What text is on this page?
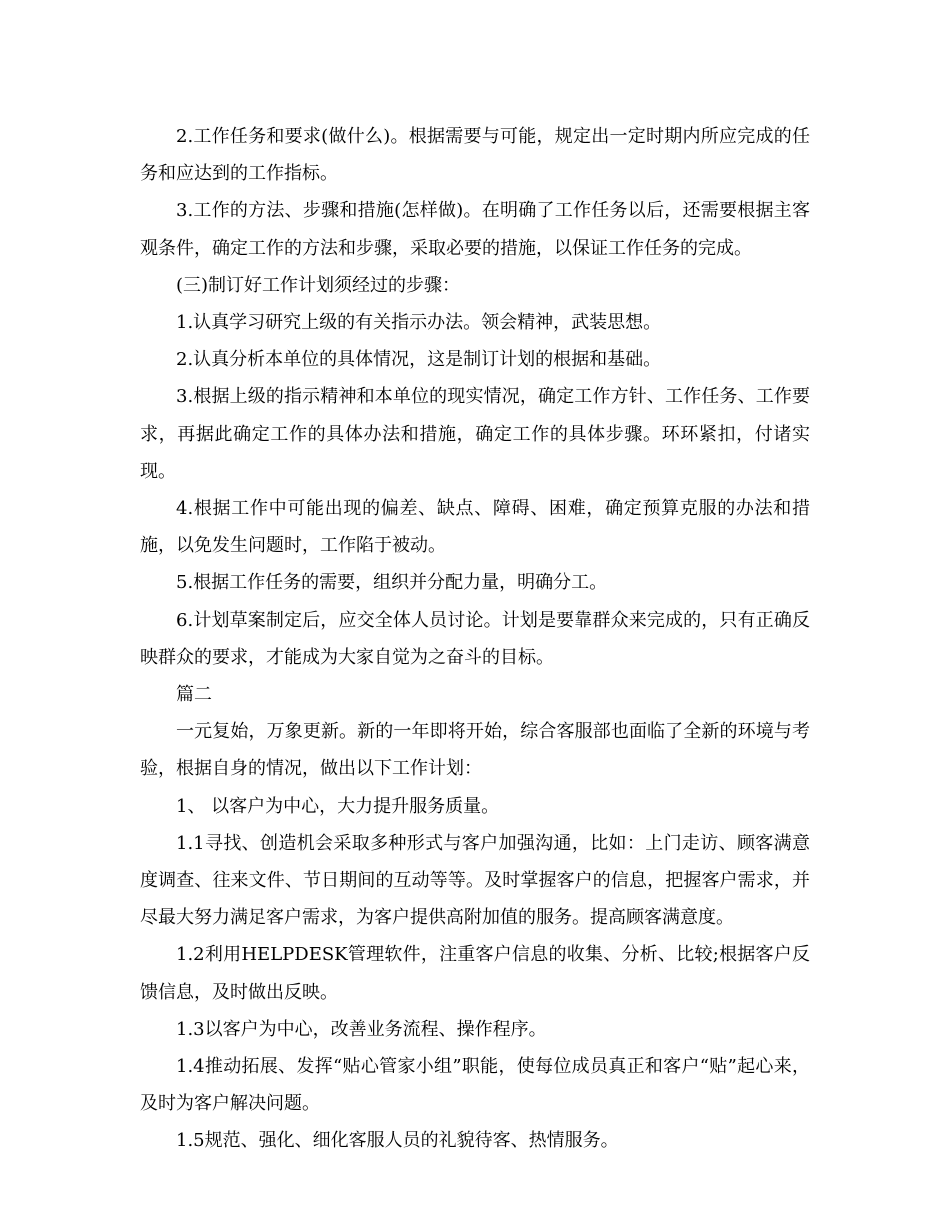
2.工作任务和要求(做什么)。根据需要与可能，规定出一定时期内所应完成的任务和应达到的工作指标。

3.工作的方法、步骤和措施(怎样做)。在明确了工作任务以后，还需要根据主客观条件，确定工作的方法和步骤，采取必要的措施，以保证工作任务的完成。

(三)制订好工作计划须经过的步骤：

1.认真学习研究上级的有关指示办法。领会精神，武装思想。

2.认真分析本单位的具体情况，这是制订计划的根据和基础。

3.根据上级的指示精神和本单位的现实情况，确定工作方针、工作任务、工作要求，再据此确定工作的具体办法和措施，确定工作的具体步骤。环环紧扣，付诸实现。

4.根据工作中可能出现的偏差、缺点、障碍、困难，确定预算克服的办法和措施，以免发生问题时，工作陷于被动。

5.根据工作任务的需要，组织并分配力量，明确分工。

6.计划草案制定后，应交全体人员讨论。计划是要靠群众来完成的，只有正确反映群众的要求，才能成为大家自觉为之奋斗的目标。

篇二

一元复始，万象更新。新的一年即将开始，综合客服部也面临了全新的环境与考验，根据自身的情况，做出以下工作计划：

1、 以客户为中心，大力提升服务质量。

1.1寻找、创造机会采取多种形式与客户加强沟通，比如：上门走访、顾客满意度调查、往来文件、节日期间的互动等等。及时掌握客户的信息，把握客户需求，并尽最大努力满足客户需求，为客户提供高附加值的服务。提高顾客满意度。

1.2利用HELPDESK管理软件，注重客户信息的收集、分析、比较;根据客户反馈信息，及时做出反映。

1.3以客户为中心，改善业务流程、操作程序。

1.4推动拓展、发挥“贴心管家小组”职能，使每位成员真正和客户“贴”起心来，及时为客户解决问题。

1.5规范、强化、细化客服人员的礼貌待客、热情服务。
